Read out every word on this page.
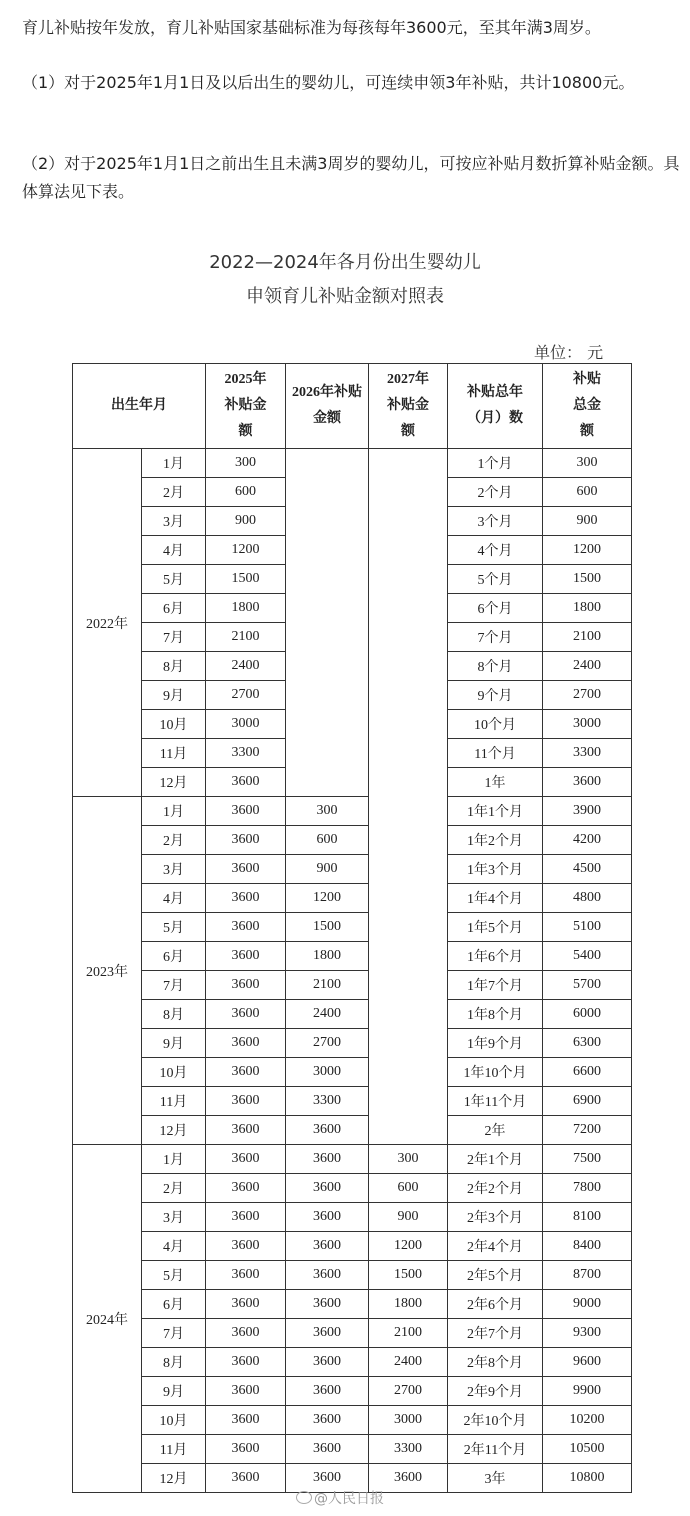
育儿补贴按年发放，育儿补贴国家基础标准为每孩每年3600元，至其年满3周岁。

（1）对于2025年1月1日及以后出生的婴幼儿，可连续申领3年补贴，共计10800元。

（2）对于2025年1月1日之前出生且未满3周岁的婴幼儿，可按应补贴月数折算补贴金额。具体算法见下表。

2022—2024年各月份出生婴幼儿

申领育儿补贴金额对照表

单位： 元
出生年月		2025年补贴金额	2026年补贴金额	2027年补贴金额	补贴总年（月）数	补贴总金额
2022年	1月	300			1个月	300
	2月	600			2个月	600
	3月	900			3个月	900
	4月	1200			4个月	1200
	5月	1500			5个月	1500
	6月	1800			6个月	1800
	7月	2100			7个月	2100
	8月	2400			8个月	2400
	9月	2700			9个月	2700
	10月	3000			10个月	3000
	11月	3300			11个月	3300
	12月	3600			1年	3600
2023年	1月	3600	300		1年1个月	3900
	2月	3600	600		1年2个月	4200
	3月	3600	900		1年3个月	4500
	4月	3600	1200		1年4个月	4800
	5月	3600	1500		1年5个月	5100
	6月	3600	1800		1年6个月	5400
	7月	3600	2100		1年7个月	5700
	8月	3600	2400		1年8个月	6000
	9月	3600	2700		1年9个月	6300
	10月	3600	3000		1年10个月	6600
	11月	3600	3300		1年11个月	6900
	12月	3600	3600		2年	7200
2024年	1月	3600	3600	300	2年1个月	7500
	2月	3600	3600	600	2年2个月	7800
	3月	3600	3600	900	2年3个月	8100
	4月	3600	3600	1200	2年4个月	8400
	5月	3600	3600	1500	2年5个月	8700
	6月	3600	3600	1800	2年6个月	9000
	7月	3600	3600	2100	2年7个月	9300
	8月	3600	3600	2400	2年8个月	9600
	9月	3600	3600	2700	2年9个月	9900
	10月	3600	3600	3000	2年10个月	10200
	11月	3600	3600	3300	2年11个月	10500
	12月	3600	3600	3600	3年	10800
@人民日报
